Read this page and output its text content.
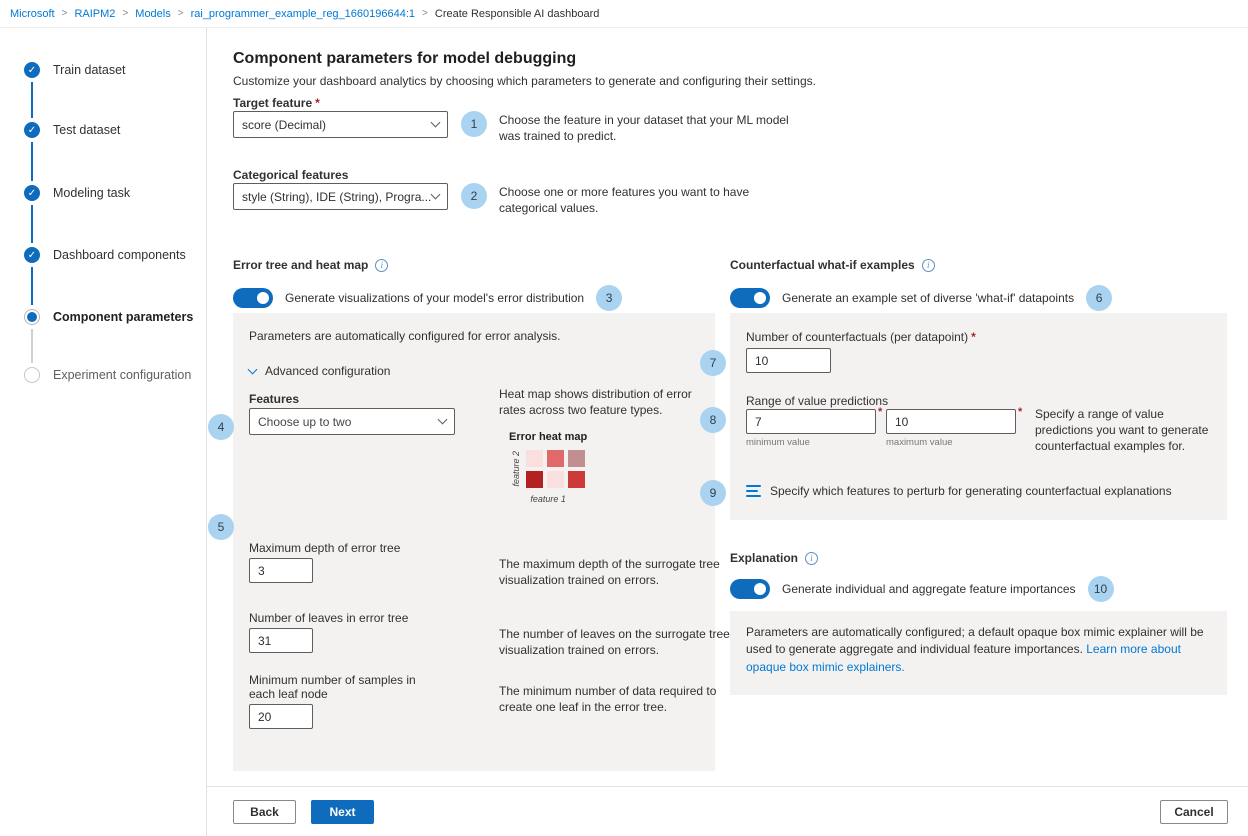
Microsoft > RAIPM2 > Models > rai_programmer_example_reg_1660196644:1 > Create Responsible AI dashboard
✓	Train dataset
✓	Test dataset
✓	Modeling task
✓	Dashboard components
Component parameters
Experiment configuration
Component parameters for model debugging
Customize your dashboard analytics by choosing which parameters to generate and configuring their settings.
Target feature *
score (Decimal)	1	Choose the feature in your dataset that your ML model was trained to predict.
Categorical features
style (String), IDE (String), Progra...	2	Choose one or more features you want to have categorical values.
Error tree and heat map	i
Generate visualizations of your model's error distribution	3
Parameters are automatically configured for error analysis.
Advanced configuration
Features
Choose up to two
Heat map shows distribution of error rates across two feature types.
Error heat map
feature 2
feature 1
Maximum depth of error tree
3
The maximum depth of the surrogate tree visualization trained on errors.
Number of leaves in error tree
31
The number of leaves on the surrogate tree visualization trained on errors.
Minimum number of samples in each leaf node
20	The minimum number of data required to create one leaf in the error tree.
4
5
Counterfactual what-if examples	i
Generate an example set of diverse 'what-if' datapoints	6
Number of counterfactuals (per datapoint) *
10
Range of value predictions
7
*
minimum value
10
*
maximum value
Specify a range of value predictions you want to generate counterfactual examples for.
Specify which features to perturb for generating counterfactual explanations
7
8
9
Explanation	i
Generate individual and aggregate feature importances	10
Parameters are automatically configured; a default opaque box mimic explainer will be used to generate aggregate and individual feature importances. Learn more about opaque box mimic explainers.
Back	Next	Cancel
